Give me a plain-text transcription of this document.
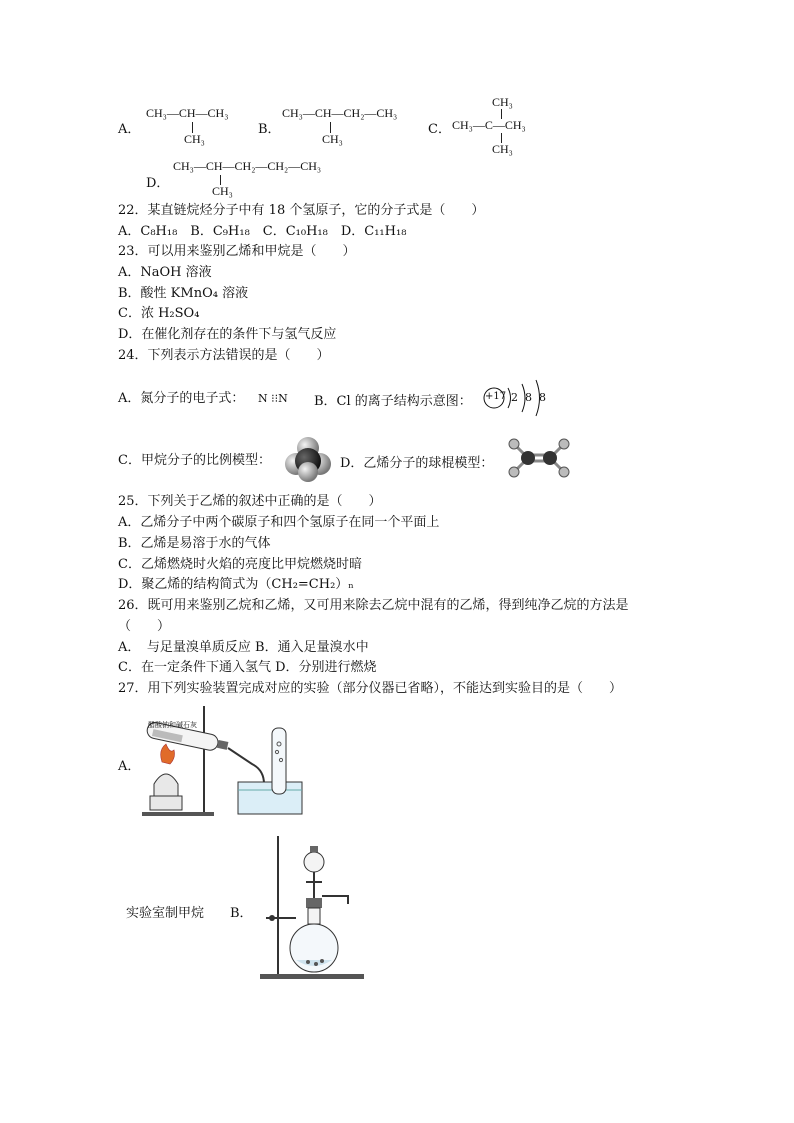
A．
CH₃—CH—CH₃
CH₃
B．
CH₃—CH—CH₂—CH₃
CH₃
C．
CH₃
CH₃—C—CH₃
CH₃
D．
CH₃—CH—CH₂—CH₂—CH₃
CH₃
22．某直链烷烃分子中有 18 个氢原子，它的分子式是（　　）
A．C₈H₁₈　B．C₉H₁₈　C．C₁₀H₁₈　D．C₁₁H₁₈
23．可以用来鉴别乙烯和甲烷是（　　）
A．NaOH 溶液
B．酸性 KMnO₄ 溶液
C．浓 H₂SO₄
D．在催化剂存在的条件下与氢气反应
24．下列表示方法错误的是（　　）
A．氮分子的电子式： N ⁝⁝N B．Cl 的离子结构示意图： +17 2 8 8
C．甲烷分子的比例模型：	D．乙烯分子的球棍模型：
25．下列关于乙烯的叙述中正确的是（　　）
A．乙烯分子中两个碳原子和四个氢原子在同一个平面上
B．乙烯是易溶于水的气体
C．乙烯燃烧时火焰的亮度比甲烷燃烧时暗
D．聚乙烯的结构简式为（CH₂=CH₂）ₙ
26．既可用来鉴别乙烷和乙烯，又可用来除去乙烷中混有的乙烯，得到纯净乙烷的方法是
（　　）
A．　与足量溴单质反应 B．通入足量溴水中
C．在一定条件下通入氢气 D．分别进行燃烧
27．用下列实验装置完成对应的实验（部分仪器已省略），不能达到实验目的是（　　）
A．
醋酸钠和碱石灰
实验室制甲烷 B．
